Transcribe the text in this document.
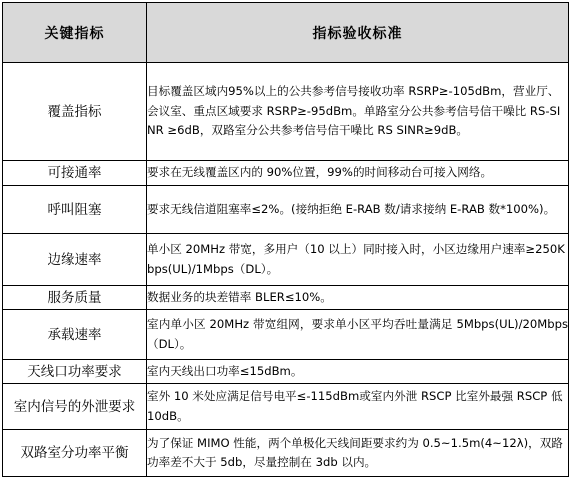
关键指标	指标验收标准
覆盖指标	目标覆盖区域内95%以上的公共参考信号接收功率 RSRP≥-105dBm，营业厅、会议室、重点区域要求 RSRP≥-95dBm。单路室分公共参考信号信干噪比 RS-SINR ≥6dB，双路室分公共参考信号信干噪比 RS SINR≥9dB。
可接通率	要求在无线覆盖区内的 90%位置，99%的时间移动台可接入网络。
呼叫阻塞	要求无线信道阻塞率≤2%。(接纳拒绝 E-RAB 数/请求接纳 E-RAB 数*100%)。
边缘速率	单小区 20MHz 带宽，多用户（10 以上）同时接入时，小区边缘用户速率≥250Kbps(UL)/1Mbps（DL）。
服务质量	数据业务的块差错率 BLER≤10%。
承载速率	室内单小区 20MHz 带宽组网，要求单小区平均吞吐量满足 5Mbps(UL)/20Mbps（DL）。
天线口功率要求	室内天线出口功率≤15dBm。
室内信号的外泄要求	室外 10 米处应满足信号电平≤-115dBm或室内外泄 RSCP 比室外最强 RSCP 低 10dB。
双路室分功率平衡	为了保证 MIMO 性能，两个单极化天线间距要求约为 0.5~1.5m(4~12λ)，双路功率差不大于 5db，尽量控制在 3db 以内。
